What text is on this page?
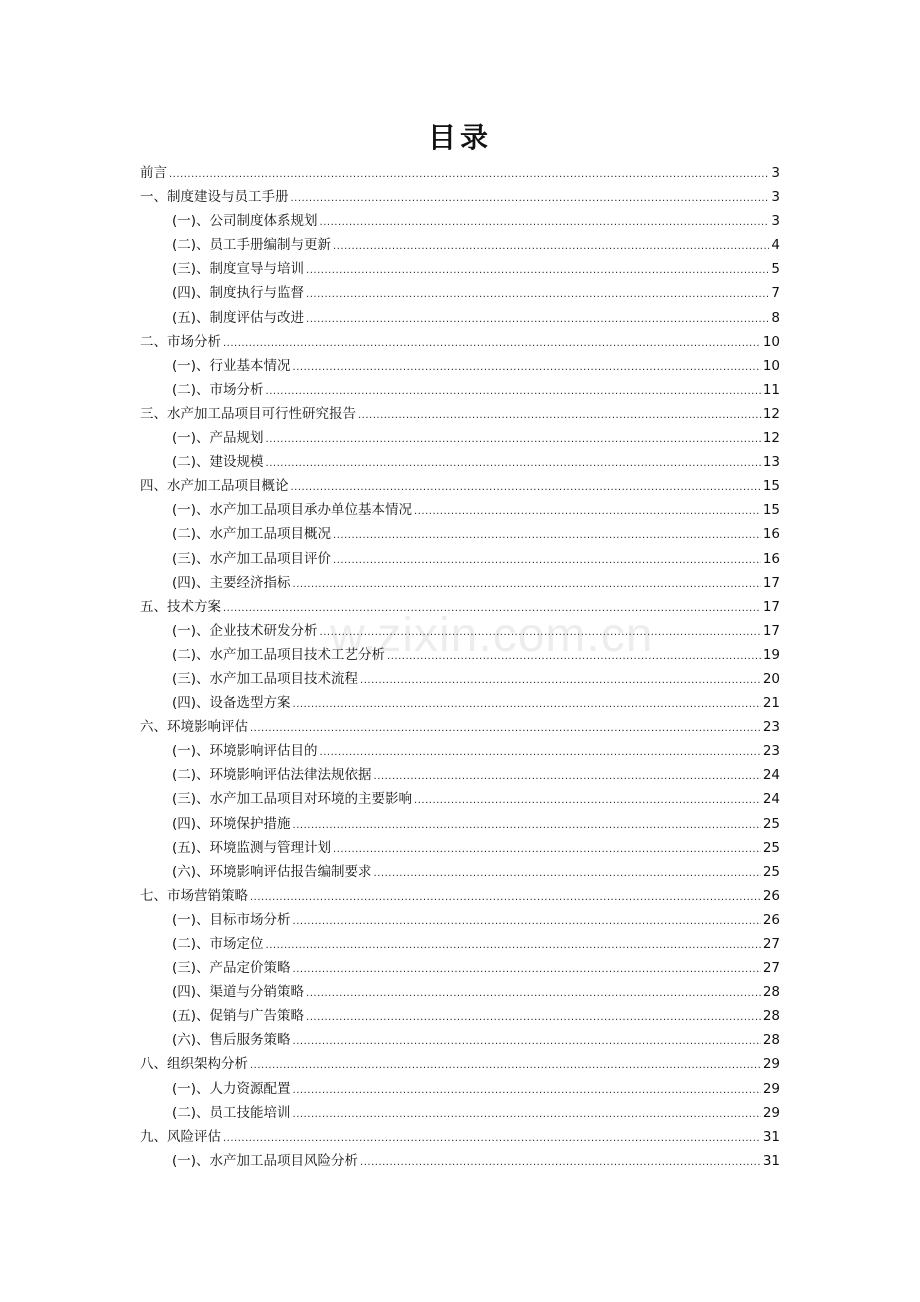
目录
w.zixin.com.cn
前言 .....	3
一、制度建设与员工手册 .....	3
(一)、公司制度体系规划 .....	3
(二)、员工手册编制与更新 .....	4
(三)、制度宣导与培训 .....	5
(四)、制度执行与监督 .....	7
(五)、制度评估与改进 .....	8
二、市场分析 .....	10
(一)、行业基本情况 .....	10
(二)、市场分析 .....	11
三、水产加工品项目可行性研究报告 .....	12
(一)、产品规划 .....	12
(二)、建设规模 .....	13
四、水产加工品项目概论 .....	15
(一)、水产加工品项目承办单位基本情况 .....	15
(二)、水产加工品项目概况 .....	16
(三)、水产加工品项目评价 .....	16
(四)、主要经济指标 .....	17
五、技术方案 .....	17
(一)、企业技术研发分析 .....	17
(二)、水产加工品项目技术工艺分析 .....	19
(三)、水产加工品项目技术流程 .....	20
(四)、设备选型方案 .....	21
六、环境影响评估 .....	23
(一)、环境影响评估目的 .....	23
(二)、环境影响评估法律法规依据 .....	24
(三)、水产加工品项目对环境的主要影响 .....	24
(四)、环境保护措施 .....	25
(五)、环境监测与管理计划 .....	25
(六)、环境影响评估报告编制要求 .....	25
七、市场营销策略 .....	26
(一)、目标市场分析 .....	26
(二)、市场定位 .....	27
(三)、产品定价策略 .....	27
(四)、渠道与分销策略 .....	28
(五)、促销与广告策略 .....	28
(六)、售后服务策略 .....	28
八、组织架构分析 .....	29
(一)、人力资源配置 .....	29
(二)、员工技能培训 .....	29
九、风险评估 .....	31
(一)、水产加工品项目风险分析 .....	31
